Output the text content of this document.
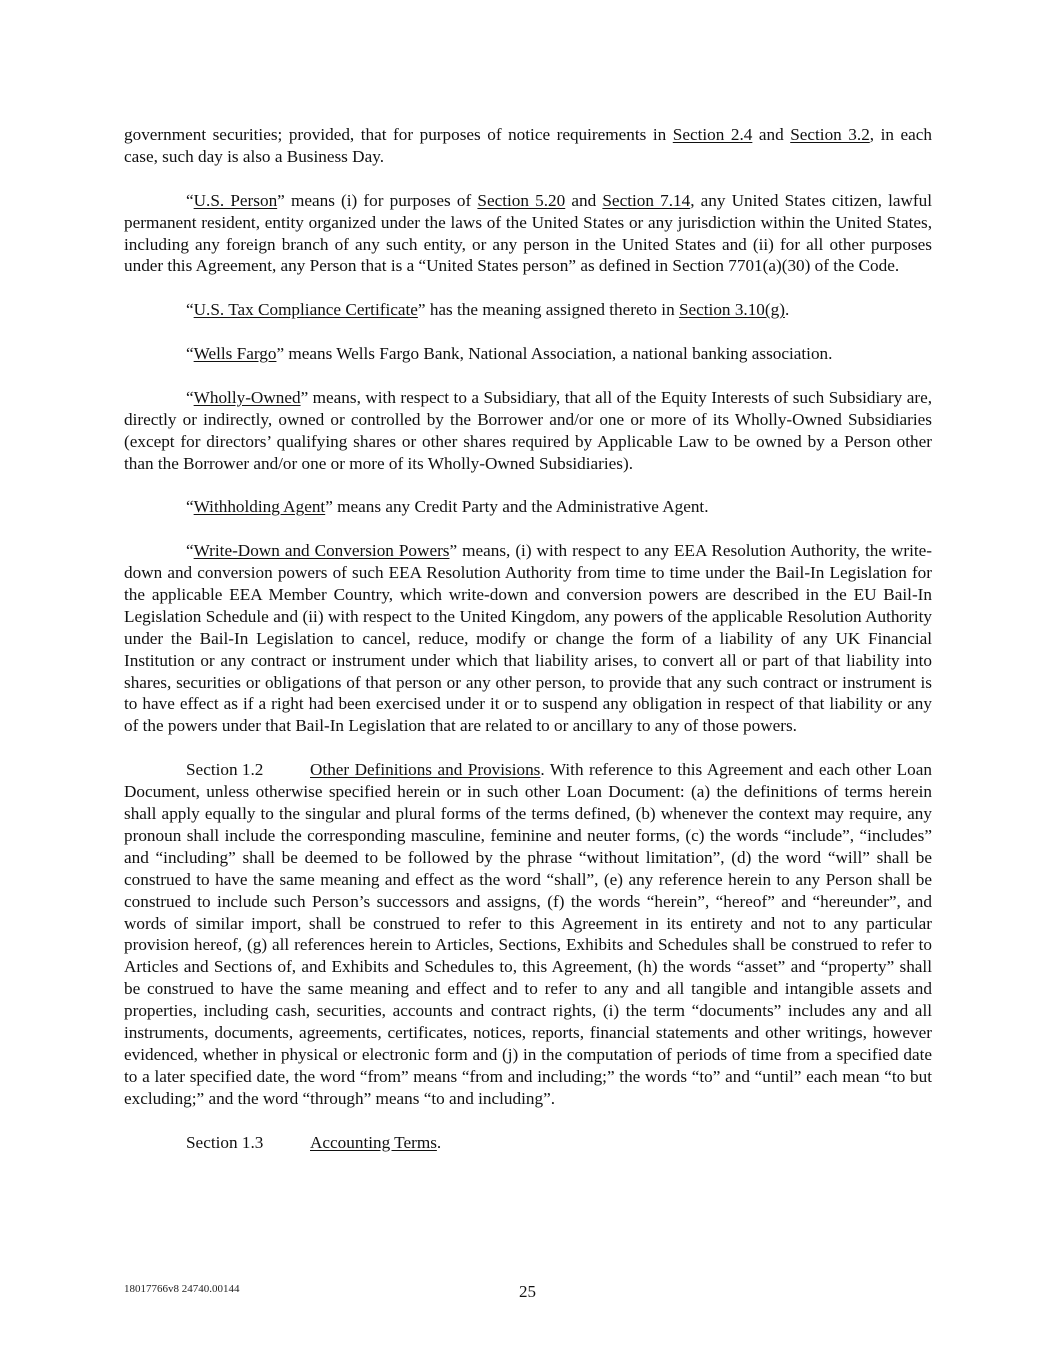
government securities; provided, that for purposes of notice requirements in Section 2.4 and Section 3.2, in each case, such day is also a Business Day.

“U.S. Person” means (i) for purposes of Section 5.20 and Section 7.14, any United States citizen, lawful permanent resident, entity organized under the laws of the United States or any jurisdiction within the United States, including any foreign branch of any such entity, or any person in the United States and (ii) for all other purposes under this Agreement, any Person that is a “United States person” as defined in Section 7701(a)(30) of the Code.

“U.S. Tax Compliance Certificate” has the meaning assigned thereto in Section 3.10(g).

“Wells Fargo” means Wells Fargo Bank, National Association, a national banking association.

“Wholly-Owned” means, with respect to a Subsidiary, that all of the Equity Interests of such Subsidiary are, directly or indirectly, owned or controlled by the Borrower and/or one or more of its Wholly-Owned Subsidiaries (except for directors’ qualifying shares or other shares required by Applicable Law to be owned by a Person other than the Borrower and/or one or more of its Wholly-Owned Subsidiaries).

“Withholding Agent” means any Credit Party and the Administrative Agent.

“Write-Down and Conversion Powers” means, (i) with respect to any EEA Resolution Authority, the write-down and conversion powers of such EEA Resolution Authority from time to time under the Bail-In Legislation for the applicable EEA Member Country, which write-down and conversion powers are described in the EU Bail-In Legislation Schedule and (ii) with respect to the United Kingdom, any powers of the applicable Resolution Authority under the Bail-In Legislation to cancel, reduce, modify or change the form of a liability of any UK Financial Institution or any contract or instrument under which that liability arises, to convert all or part of that liability into shares, securities or obligations of that person or any other person, to provide that any such contract or instrument is to have effect as if a right had been exercised under it or to suspend any obligation in respect of that liability or any of the powers under that Bail-In Legislation that are related to or ancillary to any of those powers.

Section 1.2	Other Definitions and Provisions. With reference to this Agreement and each other Loan Document, unless otherwise specified herein or in such other Loan Document: (a) the definitions of terms herein shall apply equally to the singular and plural forms of the terms defined, (b) whenever the context may require, any pronoun shall include the corresponding masculine, feminine and neuter forms, (c) the words “include”, “includes” and “including” shall be deemed to be followed by the phrase “without limitation”, (d) the word “will” shall be construed to have the same meaning and effect as the word “shall”, (e) any reference herein to any Person shall be construed to include such Person’s successors and assigns, (f) the words “herein”, “hereof” and “hereunder”, and words of similar import, shall be construed to refer to this Agreement in its entirety and not to any particular provision hereof, (g) all references herein to Articles, Sections, Exhibits and Schedules shall be construed to refer to Articles and Sections of, and Exhibits and Schedules to, this Agreement, (h) the words “asset” and “property” shall be construed to have the same meaning and effect and to refer to any and all tangible and intangible assets and properties, including cash, securities, accounts and contract rights, (i) the term “documents” includes any and all instruments, documents, agreements, certificates, notices, reports, financial statements and other writings, however evidenced, whether in physical or electronic form and (j) in the computation of periods of time from a specified date to a later specified date, the word “from” means “from and including;” the words “to” and “until” each mean “to but excluding;” and the word “through” means “to and including”.

Section 1.3	Accounting Terms.

18017766v8 24740.00144	25
